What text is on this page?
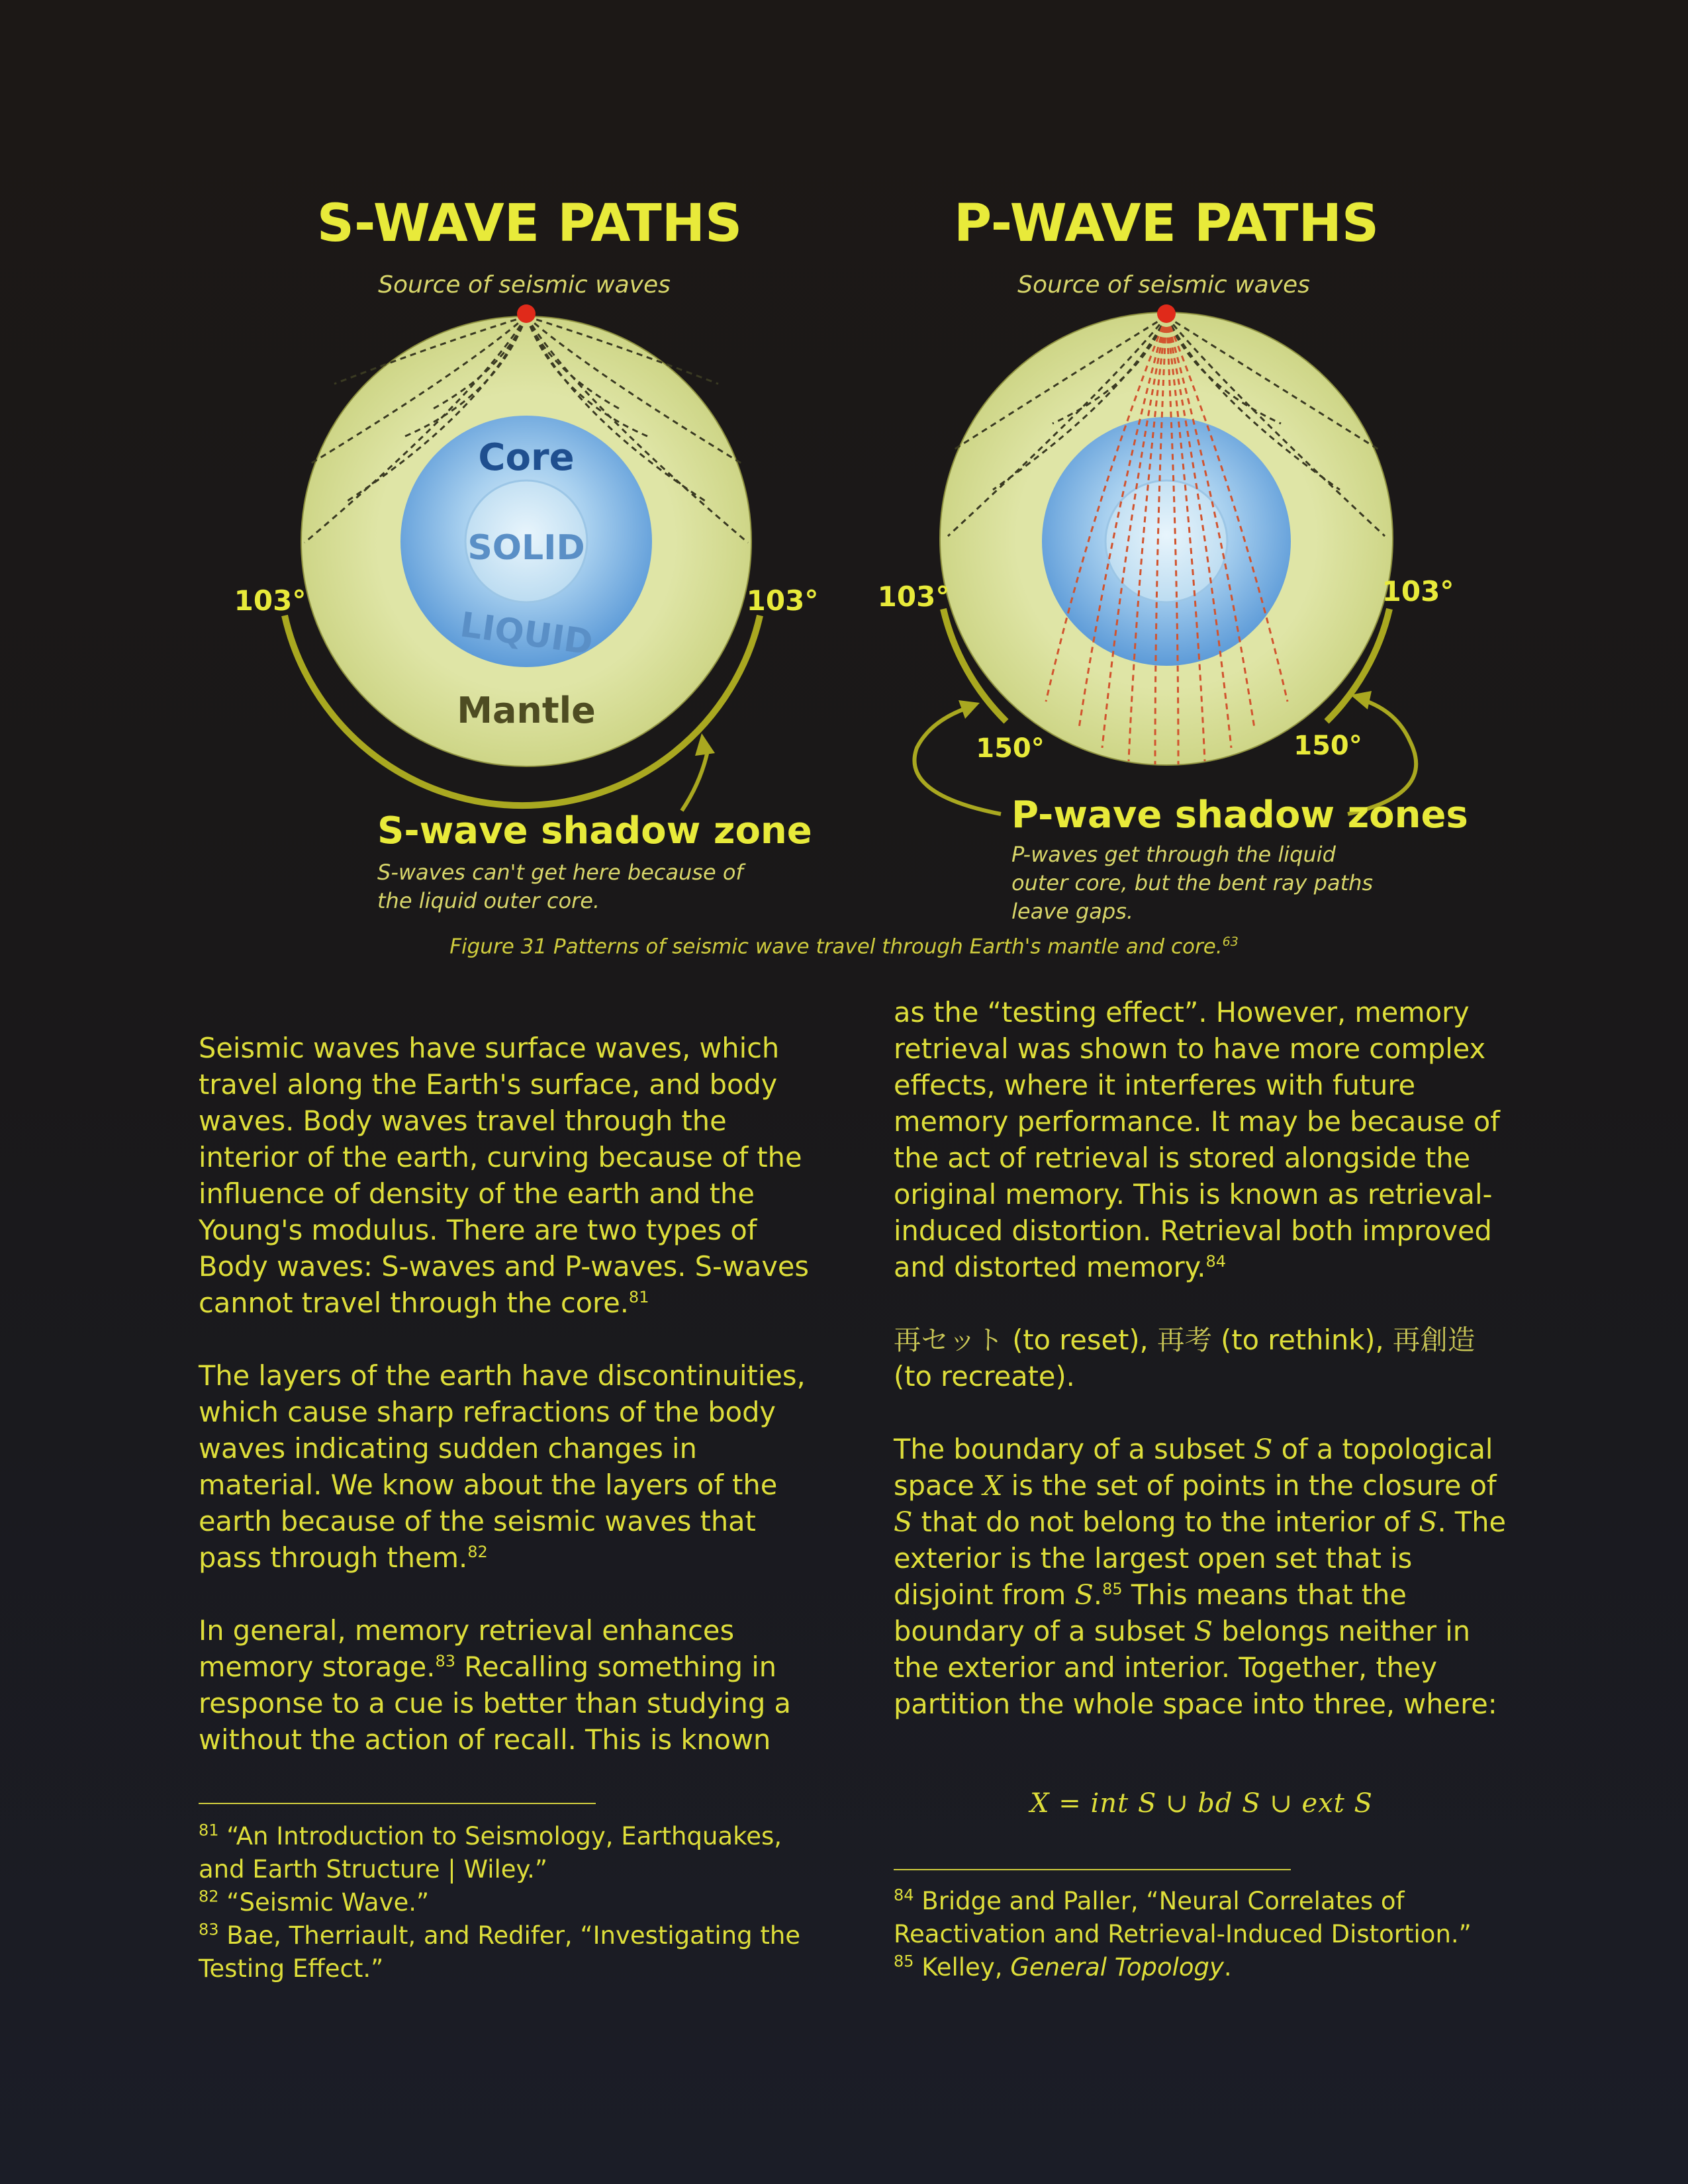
S-WAVE PATHS
Source of seismic waves
Core
SOLID
LIQUID
Mantle
103°	103°
S-wave shadow zone
S-waves can't get here because of
the liquid outer core.
P-WAVE PATHS
Source of seismic waves
103°	103°
150°	150°
P-wave shadow zones
P-waves get through the liquid
outer core, but the bent ray paths
leave gaps.
Figure 31 Patterns of seismic wave travel through Earth's mantle and core.$^{63}$

Seismic waves have surface waves, which travel along the Earth's surface, and body waves. Body waves travel through the interior of the earth, curving because of the influence of density of the earth and the Young's modulus. There are two types of Body waves: S-waves and P-waves. S-waves cannot travel through the core.$^{81}$

The layers of the earth have discontinuities, which cause sharp refractions of the body waves indicating sudden changes in material. We know about the layers of the earth because of the seismic waves that pass through them.$^{82}$

In general, memory retrieval enhances memory storage.$^{83}$ Recalling something in response to a cue is better than studying a without the action of recall. This is known

as the “testing effect”. However, memory retrieval was shown to have more complex effects, where it interferes with future memory performance. It may be because of the act of retrieval is stored alongside the original memory. This is known as retrieval-induced distortion. Retrieval both improved and distorted memory.$^{84}$

再セット (to reset), 再考 (to rethink), 再創造 (to recreate).

The boundary of a subset S of a topological space X is the set of points in the closure of S that do not belong to the interior of S. The exterior is the largest open set that is disjoint from S.$^{85}$ This means that the boundary of a subset S belongs neither in the exterior and interior. Together, they partition the whole space into three, where:

X = int S ∪ bd S ∪ ext S
$^{81}$ “An Introduction to Seismology, Earthquakes, and Earth Structure | Wiley.”
$^{82}$ “Seismic Wave.”
$^{83}$ Bae, Therriault, and Redifer, “Investigating the Testing Effect.”
$^{84}$ Bridge and Paller, “Neural Correlates of Reactivation and Retrieval-Induced Distortion.”
$^{85}$ Kelley, General Topology.
